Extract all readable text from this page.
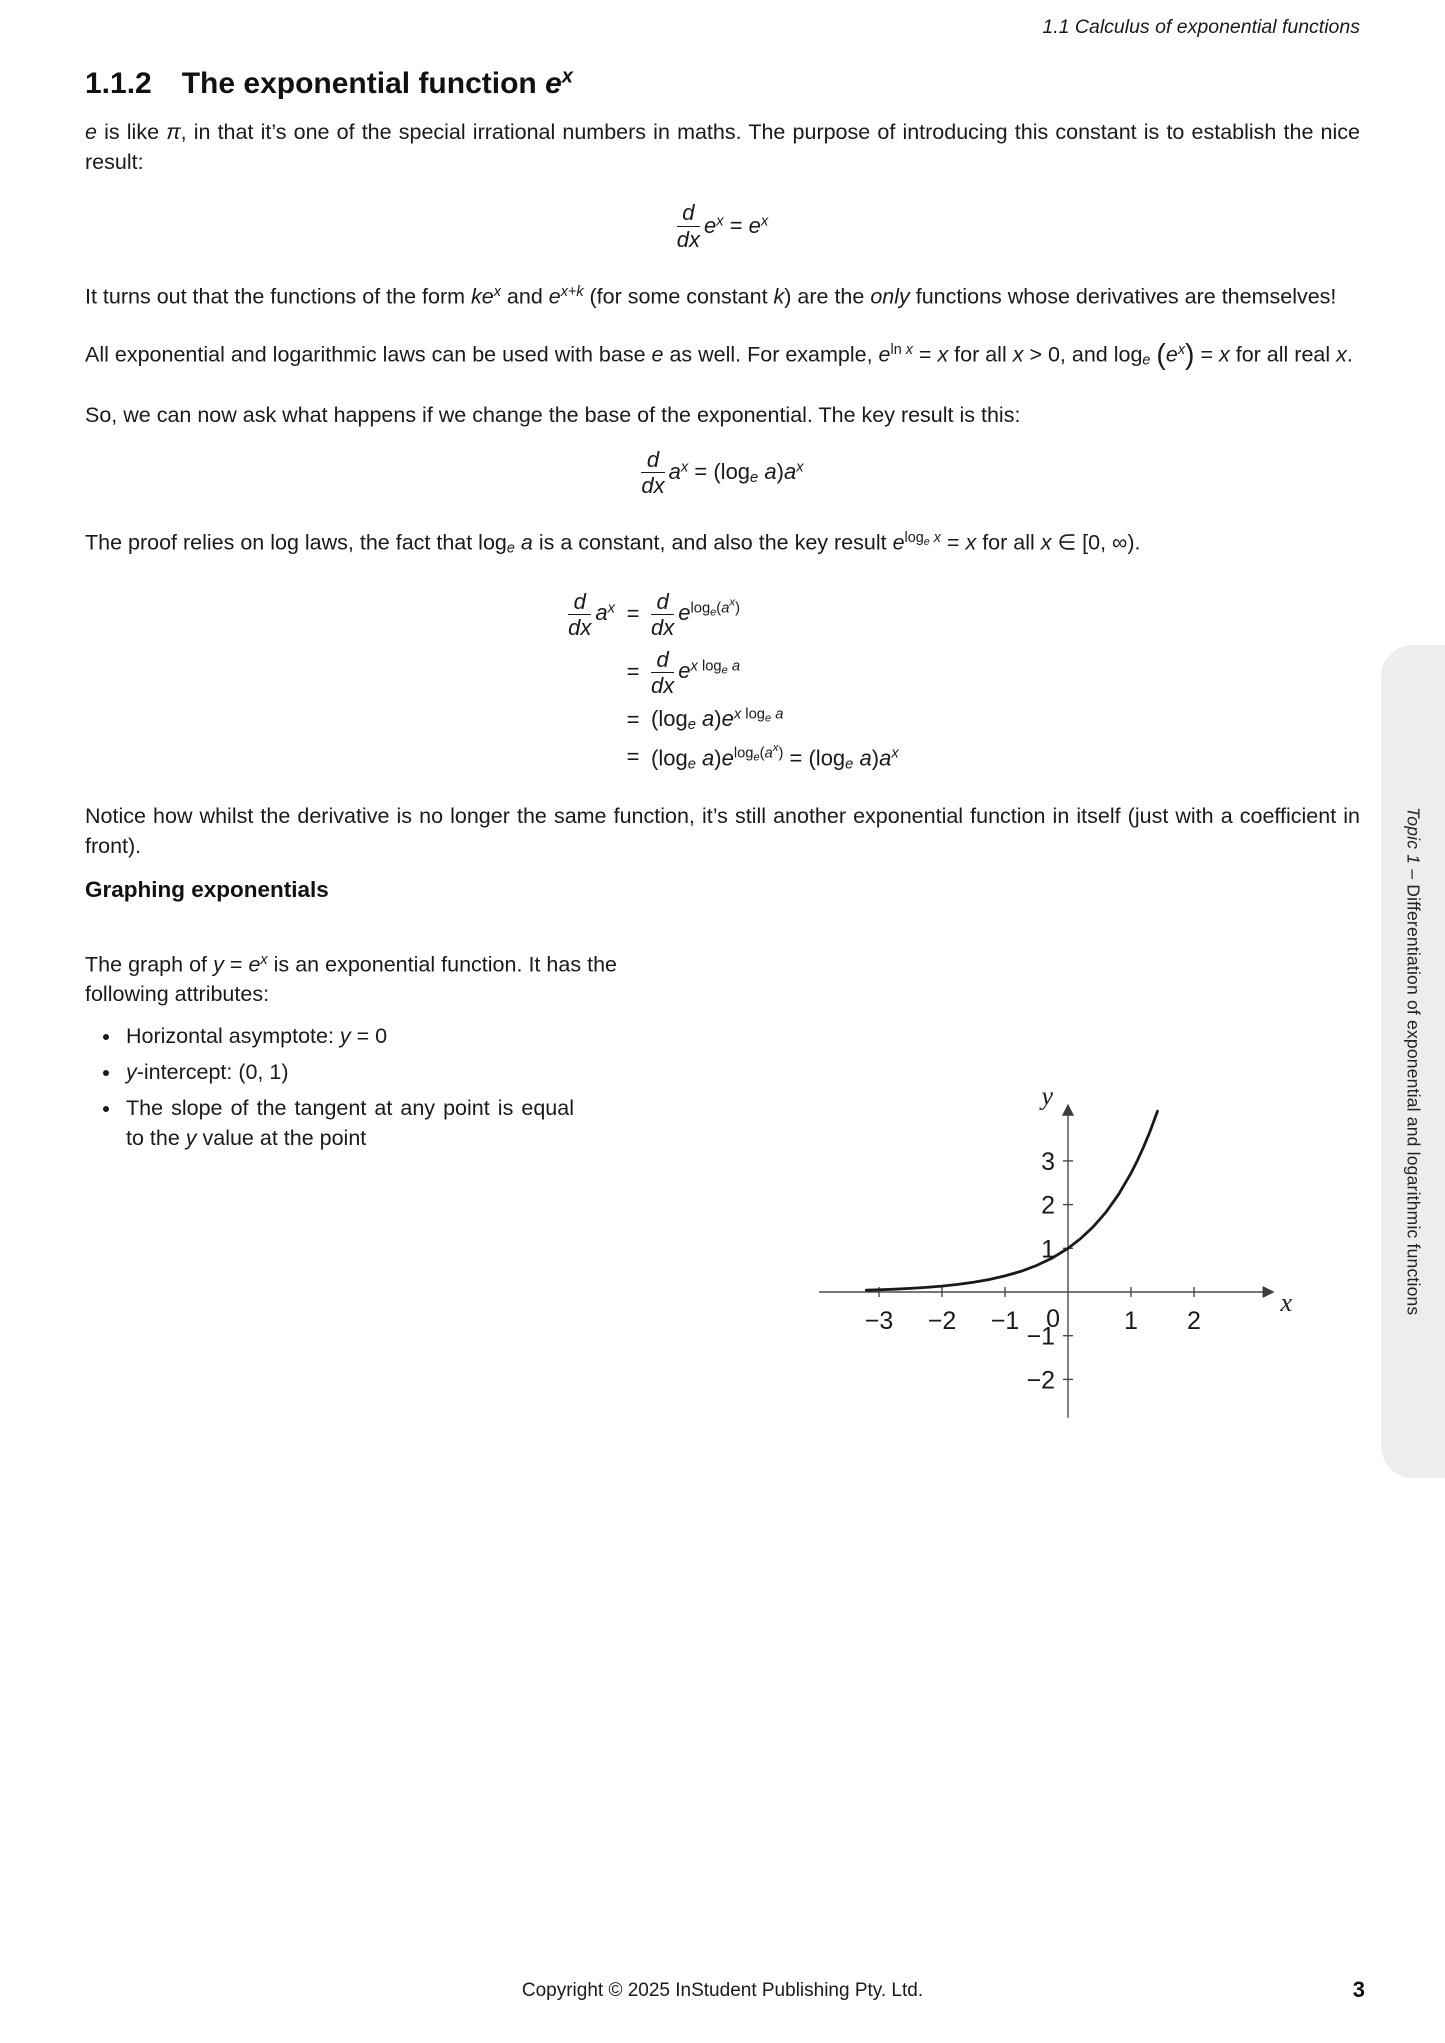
1.1 Calculus of exponential functions
1.1.2 The exponential function $e^x$

e is like π, in that it’s one of the special irrational numbers in maths. The purpose of introducing this constant is to establish the nice result:

$\frac{d}{dx} e^x = e^x$

It turns out that the functions of the form $ke^x$ and $e^{x+k}$ (for some constant k) are the only functions whose derivatives are themselves!

All exponential and logarithmic laws can be used with base e as well. For example, $e^{ln}$ $^x$ = x for all x > 0, and $\log_e (e^x) = x$ for all real x.

So, we can now ask what happens if we change the base of the exponential. The key result is this:

$\frac{d}{dx} a^x = (\log_e$ $a)a^x$

The proof relies on log laws, the fact that $\log_e a$ is a constant, and also the key result $e^{loge}$ $^x$ = x for all x ∈ [0, ∞).

$\frac{d}{dx} a^x = \frac{d}{dx} e^{loge(ax)}$
= $\frac{d}{dx} e^x$ $^{loge}$ $^a$
= ($\log_e$ $a)e^x$ $^{loge}$ $^a$
= ($\log_e$ $a)e^{loge(ax)} = (\log_e$ $a)a^x$

Notice how whilst the derivative is no longer the same function, it’s still another exponential function in itself (just with a coefficient in front).

Graphing exponentials

The graph of $y = e^x$ is an exponential function. It has the following attributes:

• Horizontal asymptote: y = 0
• y-intercept: (0, 1)
• The slope of the tangent at any point is equal to the y value at the point
−3 −2 −1	1 2
3
2
1
−1
−2
0
x
y
Topic 1 – Differentiation of exponential and logarithmic functions
Copyright © 2025 InStudent Publishing Pty. Ltd.	3
